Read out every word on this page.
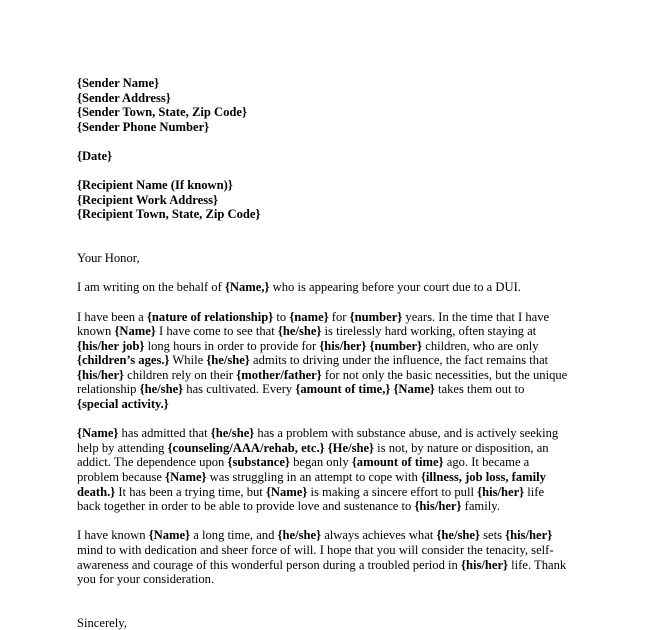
{Sender Name}
{Sender Address}
{Sender Town, State, Zip Code}
{Sender Phone Number}
{Date}
{Recipient Name (If known)}
{Recipient Work Address}
{Recipient Town, State, Zip Code}
Your Honor,

I am writing on the behalf of {Name,} who is appearing before your court due to a DUI.

I have been a {nature of relationship} to {name} for {number} years. In the time that I have
known {Name} I have come to see that {he/she} is tirelessly hard working, often staying at
{his/her job} long hours in order to provide for {his/her} {number} children, who are only
{children’s ages.} While {he/she} admits to driving under the influence, the fact remains that
{his/her} children rely on their {mother/father} for not only the basic necessities, but the unique
relationship {he/she} has cultivated. Every {amount of time,} {Name} takes them out to
{special activity.}

{Name} has admitted that {he/she} has a problem with substance abuse, and is actively seeking
help by attending {counseling/AAA/rehab, etc.} {He/she} is not, by nature or disposition, an
addict. The dependence upon {substance} began only {amount of time} ago. It became a
problem because {Name} was struggling in an attempt to cope with {illness, job loss, family
death.} It has been a trying time, but {Name} is making a sincere effort to pull {his/her} life
back together in order to be able to provide love and sustenance to {his/her} family.

I have known {Name} a long time, and {he/she} always achieves what {he/she} sets {his/her}
mind to with dedication and sheer force of will. I hope that you will consider the tenacity, self-
awareness and courage of this wonderful person during a troubled period in {his/her} life. Thank
you for your consideration.

Sincerely,
